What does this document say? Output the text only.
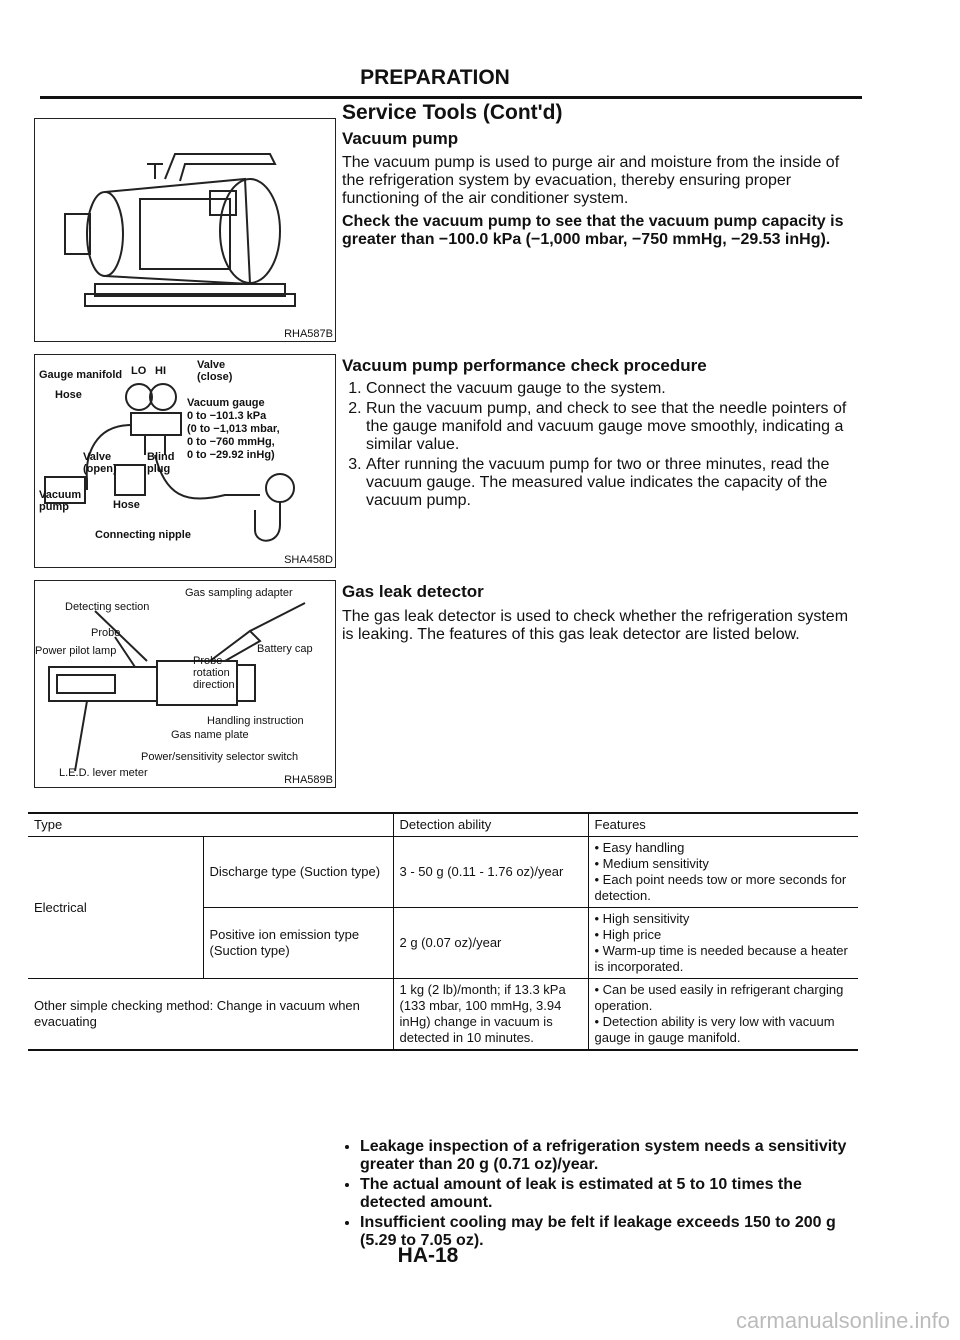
PREPARATION
Service Tools (Cont'd)
Vacuum pump
The vacuum pump is used to purge air and moisture from the inside of the refrigeration system by evacuation, thereby ensuring proper functioning of the air conditioner system.
Check the vacuum pump to see that the vacuum pump capacity is greater than −100.0 kPa (−1,000 mbar, −750 mmHg, −29.53 inHg).
RHA587B
Gauge manifold LO HI	Valve (close)
Hose
Vacuum gauge
0 to −101.3 kPa
(0 to −1,013 mbar,
0 to −760 mmHg,
0 to −29.92 inHg)
Valve (open)
Blind plug
Vacuum pump	Hose
Connecting nipple
SHA458D
Vacuum pump performance check procedure
1. Connect the vacuum gauge to the system.
2. Run the vacuum pump, and check to see that the needle pointers of the gauge manifold and vacuum gauge move smoothly, indicating a similar value.
3. After running the vacuum pump for two or three minutes, read the vacuum gauge. The measured value indicates the capacity of the vacuum pump.
Gas sampling adapter
Detecting section
Probe
Power pilot lamp	Battery cap
Probe rotation direction
Handling instruction
Gas name plate
Power/sensitivity selector switch
L.E.D. lever meter
RHA589B
Gas leak detector
The gas leak detector is used to check whether the refrigeration system is leaking. The features of this gas leak detector are listed below.
Type		Detection ability	Features
Electrical	Discharge type (Suction type)	3 - 50 g (0.11 - 1.76 oz)/year	• Easy handling
• Medium sensitivity
• Each point needs tow or more seconds for detection.

	Positive ion emission type (Suction type)	2 g (0.07 oz)/year	• High sensitivity
• High price
• Warm-up time is needed because a heater is incorporated.

Other simple checking method: Change in vacuum when evacuating		1 kg (2 lb)/month; if 13.3 kPa (133 mbar, 100 mmHg, 3.94 inHg) change in vacuum is detected in 10 minutes.	• Can be used easily in refrigerant charging operation.
• Detection ability is very low with vacuum gauge in gauge manifold.
• Leakage inspection of a refrigeration system needs a sensitivity greater than 20 g (0.71 oz)/year.
• The actual amount of leak is estimated at 5 to 10 times the detected amount.
• Insufficient cooling may be felt if leakage exceeds 150 to 200 g (5.29 to 7.05 oz).
HA-18
carmanualsonline.info
